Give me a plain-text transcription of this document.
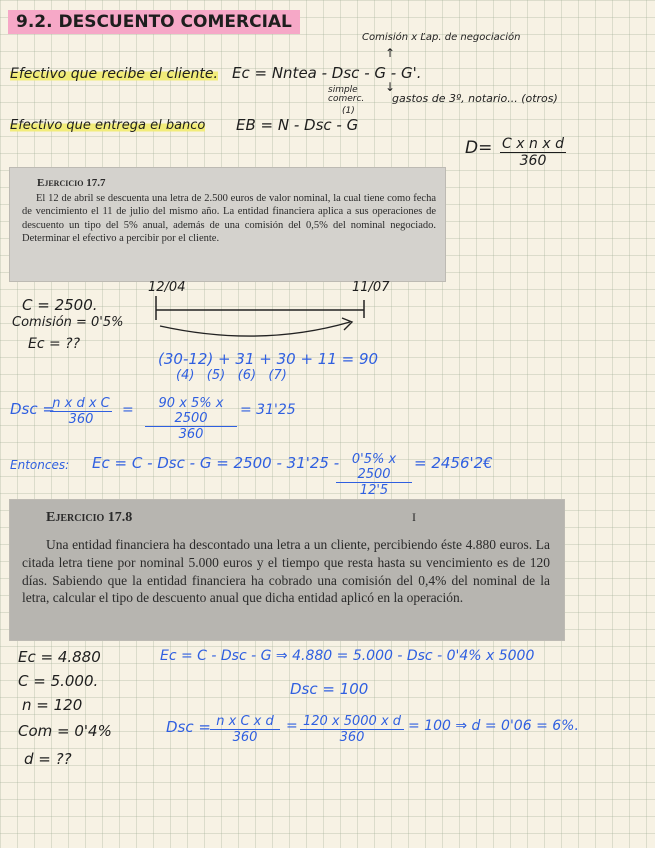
9.2. DESCUENTO COMERCIAL
Comisión x Ľap. de negociación
↑
Efectivo que recibe el cliente. Ec = Nntea - Dsc - G - G'.
simple comerc.
(1)
↓
gastos de 3º, notario... (otros)
Efectivo que entrega el banco EB = N - Dsc - G
$D= \frac{\text{C x n x d}}{360}$
Ejercicio 17.7
El 12 de abril se descuenta una letra de 2.500 euros de valor nominal, la cual tiene como fecha de vencimiento el 11 de julio del mismo año. La entidad financiera aplica a sus operaciones de descuento un tipo del 5% anual, además de una comisión del 0,5% del nominal negociado. Determinar el efectivo a percibir por el cliente.
C = 2500.
Comisión = 0'5%
Ec = ??
12/04	11/07
(30-12) + 31 + 30 + 11 = 90
(4)   (5)   (6)   (7)
Dsc =
$\frac{\text{n x d x C}}{360} = \frac{90 x 5\% x 2500}{360} = 31'25$
Entonces: Ec = C - Dsc - G = 2500 - 31'25 -
$\frac{0'5\% x 2500}{12'5}$ = 2456'2€
Ejercicio 17.8	I
Una entidad financiera ha descontado una letra a un cliente, percibiendo éste 4.880 euros. La citada letra tiene por nominal 5.000 euros y el tiempo que resta hasta su vencimiento es de 120 días. Sabiendo que la entidad financiera ha cobrado una comisión del 0,4% del nominal de la letra, calcular el tipo de descuento anual que dicha entidad aplicó en la operación.
Ec = 4.880
C = 5.000.
n = 120
Com = 0'4%
d = ??
Ec = C - Dsc - G ⇒ 4.880 = 5.000 - Dsc - 0'4% x 5000
Dsc = 100
Dsc = $\frac{\text{n x C x d}}{360} = \frac{\text{120 x 5000 x d}}{360} = 100$ ⇒ d = 0'06 = 6%.
